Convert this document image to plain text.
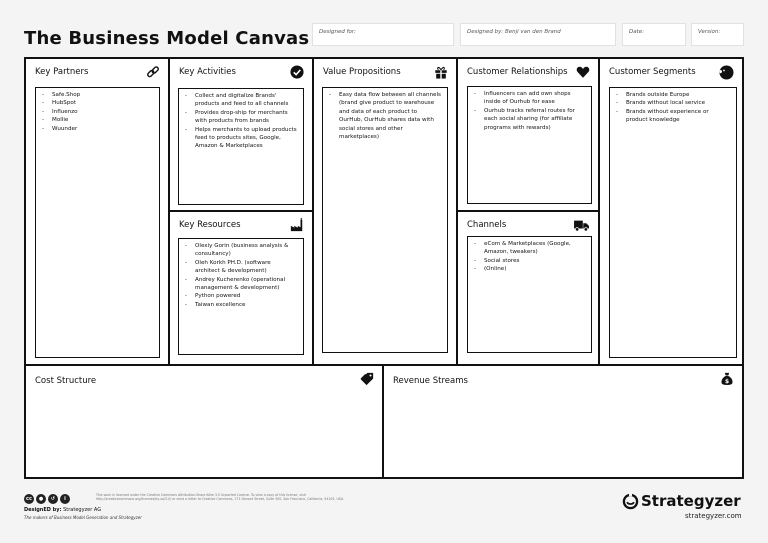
The Business Model Canvas	Designed for:	Designed by: Benji van den Brand	Date:	Version:
Key Partners
-	Safe.Shop
-	HubSpot
-	Influenzo
-	Mollie
-	Wuunder
Key Activities
-	Collect and digitalize Brands' products and feed to all channels
-	Provides drop-ship for merchants with products from brands
-	Helps merchants to upload products feed to products sites, Google, Amazon & Marketplaces
Key Resources
-	Olexiy Gorin (business analysis & consultancy)
-	Oleh Korkh PH.D. (software architect & development)
-	Andrey Kucherenko (operational management & development)
-	Python powered
-	Taiwan excellence
Value Propositions
-	Easy data flow between all channels (brand give product to warehouse and data of each product to OurHub, OurHub shares data with social stores and other marketplaces)
Customer Relationships
-	Influencers can add own shops inside of Ourhub for ease
-	Ourhub tracks referral routes for each social sharing (for affiliate programs with rewards)
Channels
-	eCom & Marketplaces (Google, Amazon, tweakers)
-	Social stores
-	(Online)
Customer Segments
-	Brands outside Europe
-	Brands without local service
-	Brands without experience or product knowledge
Cost Structure	Revenue Streams	$
cc	●	↺	i
This work is licensed under the Creative Commons Attribution-Share Alike 3.0 Unported License. To view a copy of this license, visit http://creativecommons.org/licenses/by-sa/3.0/ or send a letter to Creative Commons, 171 Second Street, Suite 300, San Francisco, California, 94105, USA.
DesignED by: Strategyzer AG
The makers of Business Model Generation and Strategyzer
Strategyzer
strategyzer.com
